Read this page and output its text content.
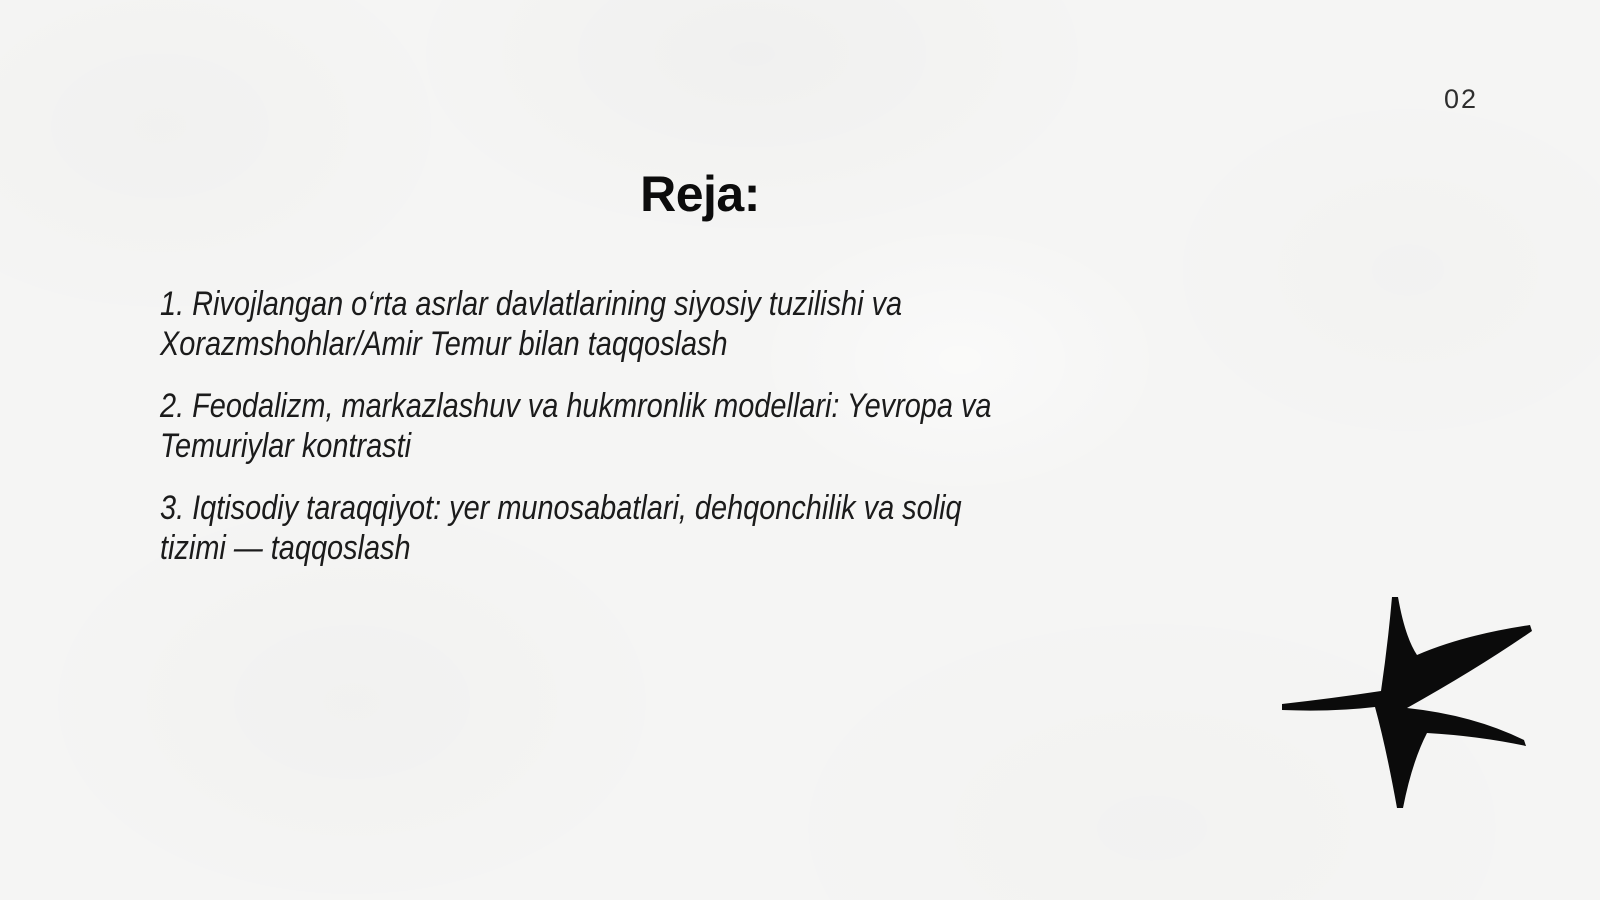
02
Reja:

1. Rivojlangan o‘rta asrlar davlatlarining siyosiy tuzilishi va
Xorazmshohlar/Amir Temur bilan taqqoslash

2. Feodalizm, markazlashuv va hukmronlik modellari: Yevropa va
Temuriylar kontrasti

3. Iqtisodiy taraqqiyot: yer munosabatlari, dehqonchilik va soliq
tizimi — taqqoslash
